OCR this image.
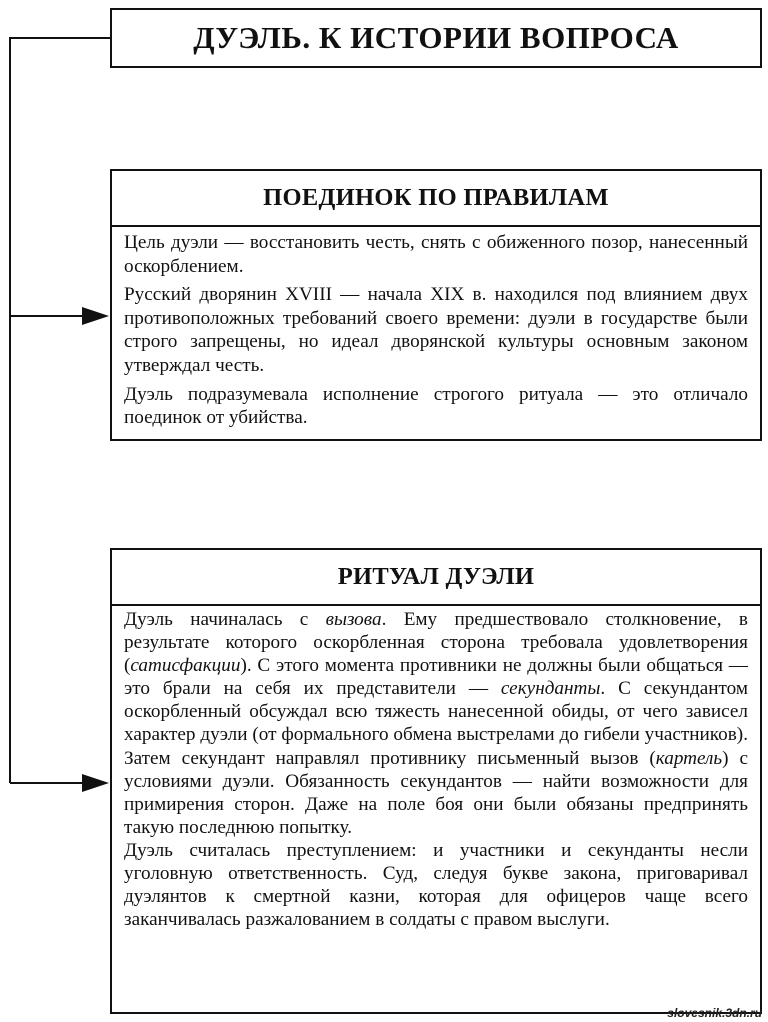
ДУЭЛЬ. К ИСТОРИИ ВОПРОСА
ПОЕДИНОК ПО ПРАВИЛАМ

Цель дуэли — восстановить честь, снять с обиженного позор, нанесенный оскорблением.

Русский дворянин XVIII — начала XIX в. находился под влиянием двух противоположных требований своего времени: дуэли в государстве были строго запрещены, но идеал дворянской культуры основным законом утверждал честь.

Дуэль подразумевала исполнение строгого ритуала — это отличало поединок от убийства.

РИТУАЛ ДУЭЛИ

Дуэль начиналась с вызова. Ему предшествовало столкновение, в результате которого оскорбленная сторона требовала удовлетворения (сатисфакции). С этого момента противники не должны были общаться — это брали на себя их представители — секунданты. С секундантом оскорбленный обсуждал всю тяжесть нанесенной обиды, от чего зависел характер дуэли (от формального обмена выстрелами до гибели участников). Затем секундант направлял противнику письменный вызов (картель) с условиями дуэли. Обязанность секундантов — найти возможности для примирения сторон. Даже на поле боя они были обязаны предпринять такую последнюю попытку.

Дуэль считалась преступлением: и участники и секунданты несли уголовную ответственность. Суд, следуя букве закона, приговаривал дуэлянтов к смертной казни, которая для офицеров чаще всего заканчивалась разжалованием в солдаты с правом выслуги.

slovesnik.3dn.ru
